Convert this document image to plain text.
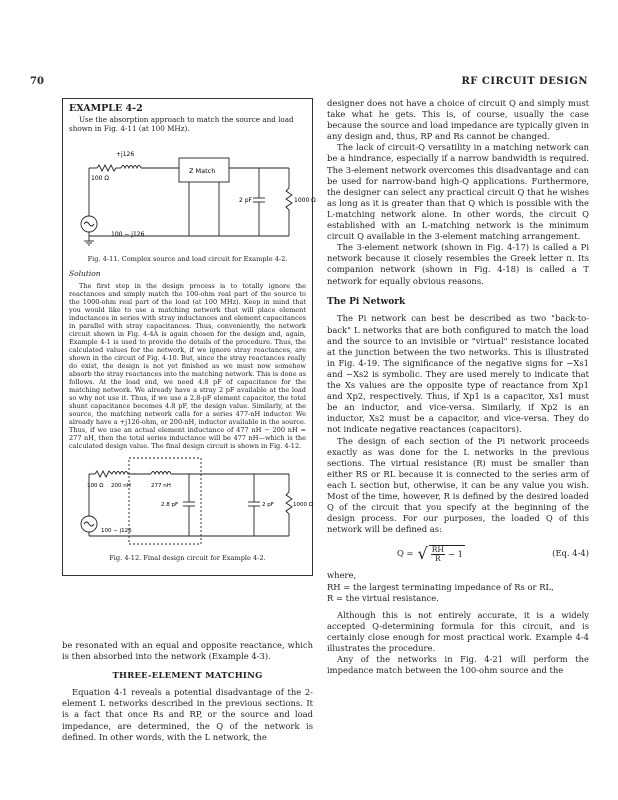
70	RF CIRCUIT DESIGN
EXAMPLE 4-2

Use the absorption approach to match the source and load shown in Fig. 4-11 (at 100 MHz).

+j126
100 Ω
Z Match
2 pF	1000 Ω
100 − j126
Fig. 4-11. Complex source and load circuit for Example 4-2.
Solution

The first step in the design process is to totally ignore the reactances and simply match the 100-ohm real part of the source to the 1000-ohm real part of the load (at 100 MHz). Keep in mind that you would like to use a matching network that will place element inductances in series with stray inductances and element capacitances in parallel with stray capacitances. Thus, conveniently, the network circuit shown in Fig. 4-4A is again chosen for the design and, again, Example 4-1 is used to provide the details of the procedure. Thus, the calculated values for the network, if we ignore stray reactances, are shown in the circuit of Fig. 4-10. But, since the stray reactances really do exist, the design is not yet finished as we must now somehow absorb the stray reactances into the matching network. This is done as follows. At the load end, we need 4.8 pF of capacitance for the matching network. We already have a stray 2 pF available at the load so why not use it. Thus, if we use a 2.8-pF element capacitor, the total shunt capacitance becomes 4.8 pF, the design value. Similarly, at the source, the matching network calls for a series 477-nH inductor. We already have a +j126-ohm, or 200-nH, inductor available in the source. Thus, if we use an actual element inductance of 477 nH − 200 nH = 277 nH, then the total series inductance will be 477 nH—which is the calculated design value. The final design circuit is shown in Fig. 4-12.

100 Ω 200 nH	277 nH
2.8 pF	2 pF	1000 Ω
100 − j126
Fig. 4-12. Final design circuit for Example 4-2.

be resonated with an equal and opposite reactance, which is then absorbed into the network (Example 4-3).

THREE-ELEMENT MATCHING

Equation 4-1 reveals a potential disadvantage of the 2-element L networks described in the previous sections. It is a fact that once Rs and RP, or the source and load impedance, are determined, the Q of the network is defined. In other words, with the L network, the

designer does not have a choice of circuit Q and simply must take what he gets. This is, of course, usually the case because the source and load impedance are typically given in any design and, thus, RP and Rs cannot be changed.

The lack of circuit-Q versatility in a matching network can be a hindrance, especially if a narrow bandwidth is required. The 3-element network overcomes this disadvantage and can be used for narrow-band high-Q applications. Furthermore, the designer can select any practical circuit Q that he wishes as long as it is greater than that Q which is possible with the L-matching network alone. In other words, the circuit Q established with an L-matching network is the minimum circuit Q available in the 3-element matching arrangement.

The 3-element network (shown in Fig. 4-17) is called a Pi network because it closely resembles the Greek letter π. Its companion network (shown in Fig. 4-18) is called a T network for equally obvious reasons.

The Pi Network

The Pi network can best be described as two "back-to-back" L networks that are both configured to match the load and the source to an invisible or "virtual" resistance located at the junction between the two networks. This is illustrated in Fig. 4-19. The significance of the negative signs for −Xs1 and −Xs2 is symbolic. They are used merely to indicate that the Xs values are the opposite type of reactance from Xp1 and Xp2, respectively. Thus, if Xp1 is a capacitor, Xs1 must be an inductor, and vice-versa. Similarly, if Xp2 is an inductor, Xs2 must be a capacitor, and vice-versa. They do not indicate negative reactances (capacitors).

The design of each section of the Pi network proceeds exactly as was done for the L networks in the previous sections. The virtual resistance (R) must be smaller than either RS or RL because it is connected to the series arm of each L section but, otherwise, it can be any value you wish. Most of the time, however, R is defined by the desired loaded Q of the circuit that you specify at the beginning of the design process. For our purposes, the loaded Q of this network will be defined as:

Q = √ $\frac{RH}{R} - 1$	(Eq. 4-4)

where,

RH = the largest terminating impedance of Rs or RL,

R = the virtual resistance.

Although this is not entirely accurate, it is a widely accepted Q-determining formula for this circuit, and is certainly close enough for most practical work. Example 4-4 illustrates the procedure.

Any of the networks in Fig. 4-21 will perform the impedance match between the 100-ohm source and the
